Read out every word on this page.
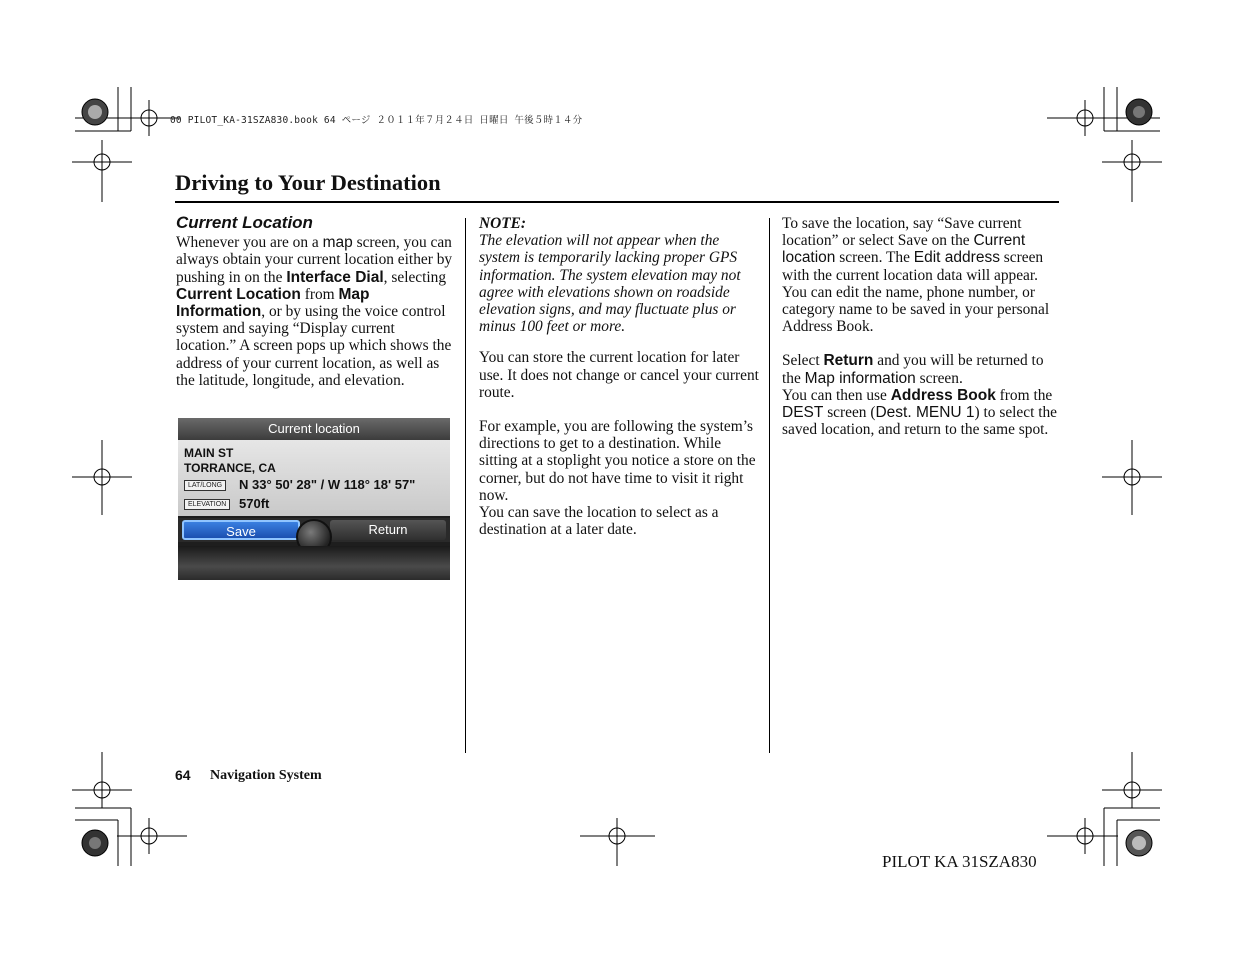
00 PILOT_KA-31SZA830.book 64 ページ ２０１１年７月２４日 日曜日 午後５時１４分
Driving to Your Destination
Current Location

Whenever you are on a map screen, you can always obtain your current location either by pushing in on the Interface Dial, selecting Current Location from Map Information, or by using the voice control system and saying “Display current location.” A screen pops up which shows the address of your current location, as well as the latitude, longitude, and elevation.

Current location
MAIN ST
TORRANCE, CA
LAT/LONG	N 33° 50' 28" / W 118° 18' 57"
ELEVATION 570ft
Save	Return
NOTE:
The elevation will not appear when the system is temporarily lacking proper GPS information. The system elevation may not agree with elevations shown on roadside elevation signs, and may fluctuate plus or minus 100 feet or more.

You can store the current location for later use. It does not change or cancel your current route.

For example, you are following the system’s directions to get to a destination. While sitting at a stoplight you notice a store on the corner, but do not have time to visit it right now.

You can save the location to select as a destination at a later date.

To save the location, say “Save current location” or select Save on the Current location screen. The Edit address screen with the current location data will appear. You can edit the name, phone number, or category name to be saved in your personal Address Book.

Select Return and you will be returned to the Map information screen.

You can then use Address Book from the DEST screen (Dest. MENU 1) to select the saved location, and return to the same spot.

64 Navigation System
PILOT KA 31SZA830
